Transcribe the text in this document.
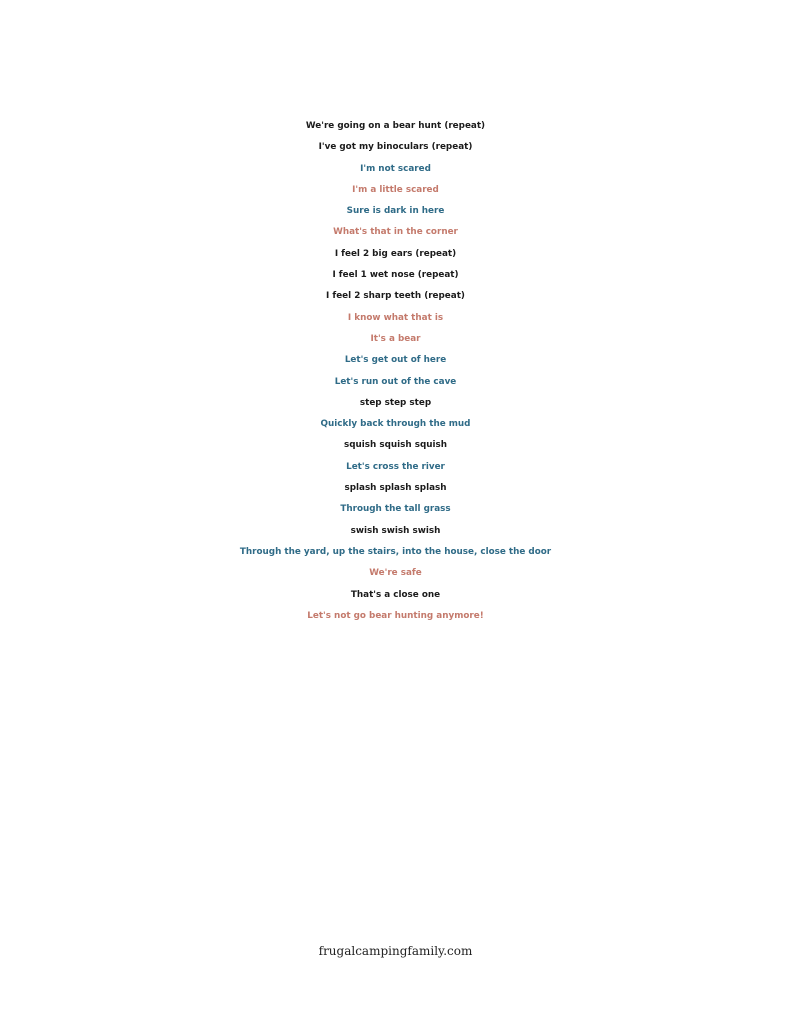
We're going on a bear hunt (repeat)
I've got my binoculars (repeat)
I'm not scared
I'm a little scared
Sure is dark in here
What's that in the corner
I feel 2 big ears (repeat)
I feel 1 wet nose (repeat)
I feel 2 sharp teeth (repeat)
I know what that is
It's a bear
Let's get out of here
Let's run out of the cave
step step step
Quickly back through the mud
squish squish squish
Let's cross the river
splash splash splash
Through the tall grass
swish swish swish
Through the yard, up the stairs, into the house, close the door
We're safe
That's a close one
Let's not go bear hunting anymore!
frugalcampingfamily.com
